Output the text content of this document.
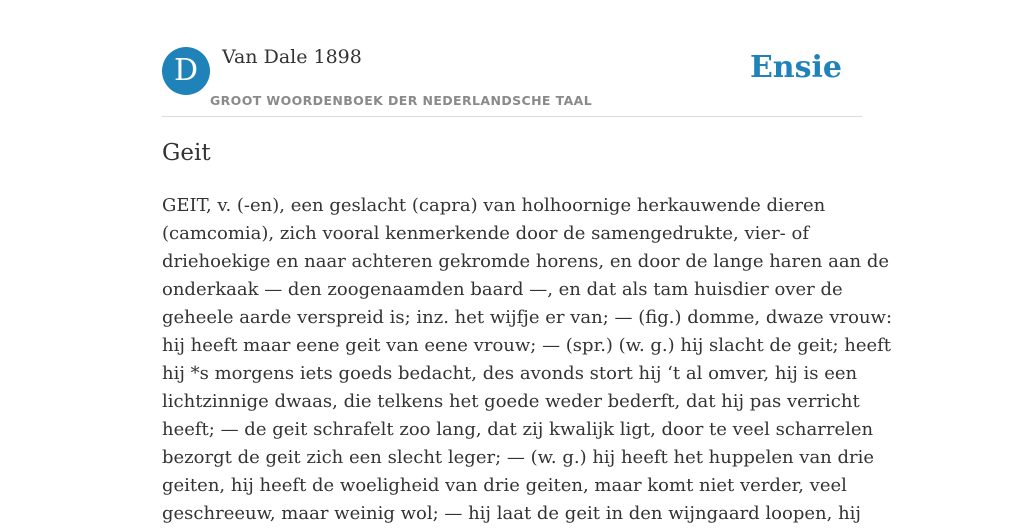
D	Van Dale 1898
GROOT WOORDENBOEK DER NEDERLANDSCHE TAAL
Ensie
Geit
GEIT, v. (-en), een geslacht (capra) van holhoornige herkauwende dieren
(camcomia), zich vooral kenmerkende door de samengedrukte, vier- of
driehoekige en naar achteren gekromde horens, en door de lange haren aan de
onderkaak — den zoogenaamden baard —, en dat als tam huisdier over de
geheele aarde verspreid is; inz. het wijfje er van; — (fig.) domme, dwaze vrouw:
hij heeft maar eene geit van eene vrouw; — (spr.) (w. g.) hij slacht de geit; heeft
hij *s morgens iets goeds bedacht, des avonds stort hij ‘t al omver, hij is een
lichtzinnige dwaas, die telkens het goede weder bederft, dat hij pas verricht
heeft; — de geit schrafelt zoo lang, dat zij kwalijk ligt, door te veel scharrelen
bezorgt de geit zich een slecht leger; — (w. g.) hij heeft het huppelen van drie
geiten, hij heeft de woeligheid van drie geiten, maar komt niet verder, veel
geschreeuw, maar weinig wol; — hij laat de geit in den wijngaard loopen, hij
